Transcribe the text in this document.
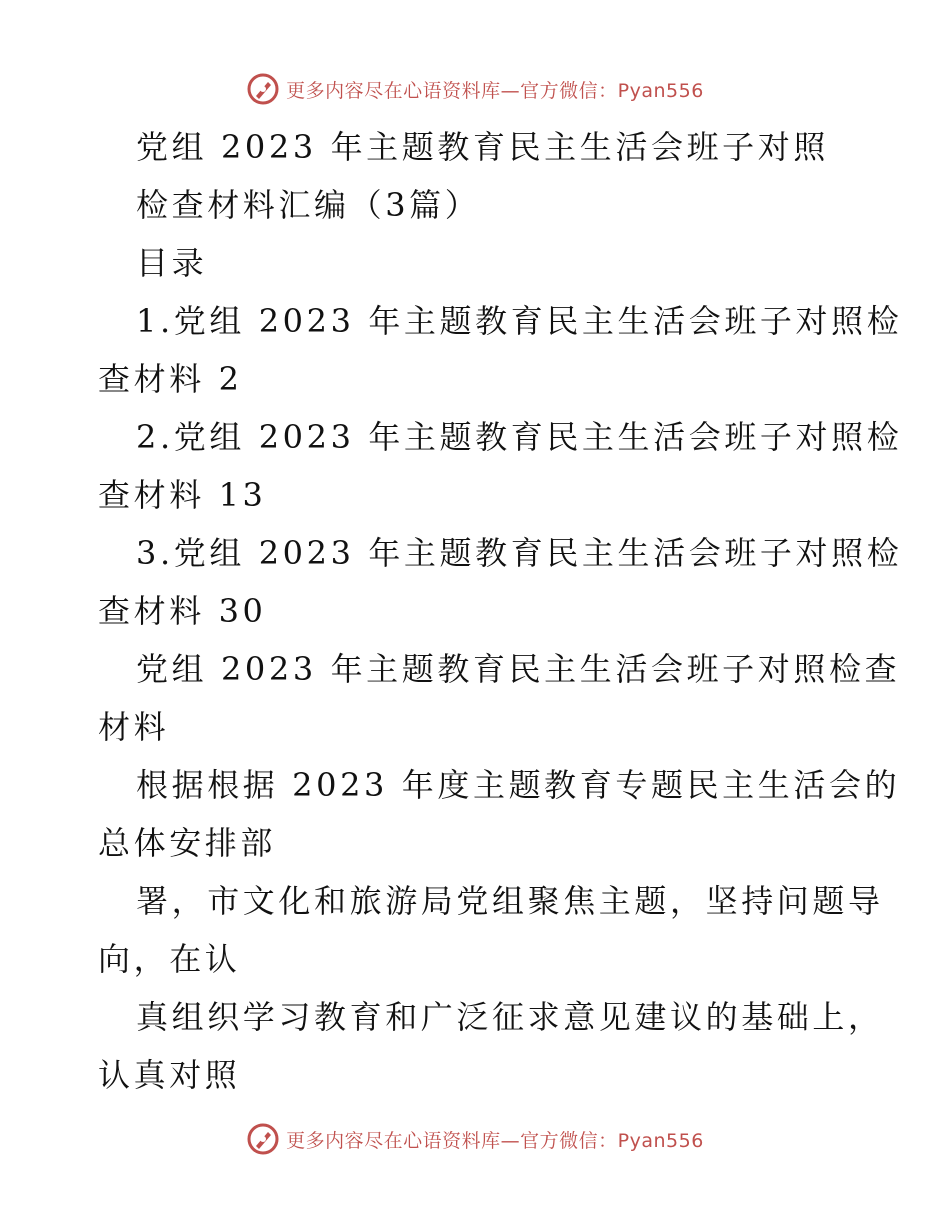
更多内容尽在心语资料库—官方微信：Pyan556
党组 2023 年主题教育民主生活会班子对照
检查材料汇编（3篇）
目录
1.党组 2023 年主题教育民主生活会班子对照检
查材料 2
2.党组 2023 年主题教育民主生活会班子对照检
查材料 13
3.党组 2023 年主题教育民主生活会班子对照检
查材料 30
党组 2023 年主题教育民主生活会班子对照检查
材料
根据根据 2023 年度主题教育专题民主生活会的
总体安排部
署，市文化和旅游局党组聚焦主题，坚持问题导
向，在认
真组织学习教育和广泛征求意见建议的基础上，
认真对照
更多内容尽在心语资料库—官方微信：Pyan556
